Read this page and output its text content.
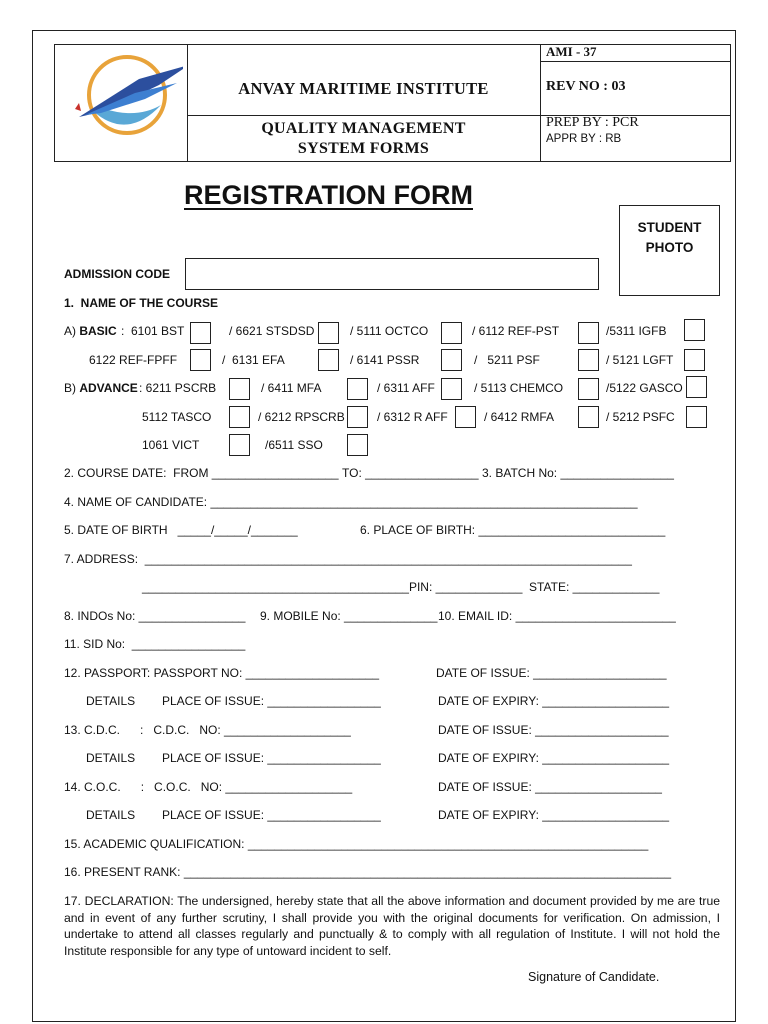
ANVAY MARITIME INSTITUTE
QUALITY MANAGEMENT
SYSTEM FORMS
AMI - 37
REV NO : 03
PREP BY : PCR
APPR BY : RB
REGISTRATION FORM
STUDENT
PHOTO
ADMISSION CODE
1.  NAME OF THE COURSE
A) BASIC :  6101 BST	/ 6621 STSDSD	/ 5111 OCTCO	/ 6112 REF-PST	/5311 IGFB
6122 REF-FPFF	/  6131 EFA	/ 6141 PSSR	/   5211 PSF	/ 5121 LGFT
B) ADVANCE : 6211 PSCRB	/ 6411 MFA	/ 6311 AFF	/ 5113 CHEMCO	/5122 GASCO
5112 TASCO	/ 6212 RPSCRB	/ 6312 R AFF	/ 6412 RMFA	/ 5212 PSFC
1061 VICT	/6511 SSO
2. COURSE DATE:  FROM ___________________ TO: _________________ 3. BATCH No: _________________
4. NAME OF CANDIDATE: ________________________________________________________________
5. DATE OF BIRTH   _____/_____/_______	6. PLACE OF BIRTH: ____________________________
7. ADDRESS:  _________________________________________________________________________
________________________________________PIN: _____________  STATE: _____________
8. INDOs No: ________________ 9. MOBILE No: ______________ 10. EMAIL ID: ________________________
11. SID No:  _________________
12. PASSPORT: PASSPORT NO: ____________________	DATE OF ISSUE: ____________________
DETAILS PLACE OF ISSUE: _________________	DATE OF EXPIRY: ___________________
13. C.D.C.      :   C.D.C.   NO: ___________________	DATE OF ISSUE: ____________________
DETAILS PLACE OF ISSUE: _________________	DATE OF EXPIRY: ___________________
14. C.O.C.      :   C.O.C.   NO: ___________________	DATE OF ISSUE: ___________________
DETAILS PLACE OF ISSUE: _________________	DATE OF EXPIRY: ___________________
15. ACADEMIC QUALIFICATION: ____________________________________________________________
16. PRESENT RANK: _________________________________________________________________________
17. DECLARATION: The undersigned, hereby state that all the above information and document provided by me are true and in event of any further scrutiny, I shall provide you with the original documents for verification. On admission, I undertake to attend all classes regularly and punctually & to comply with all regulation of Institute. I will not hold the Institute responsible for any type of untoward incident to self.
Signature of Candidate.
